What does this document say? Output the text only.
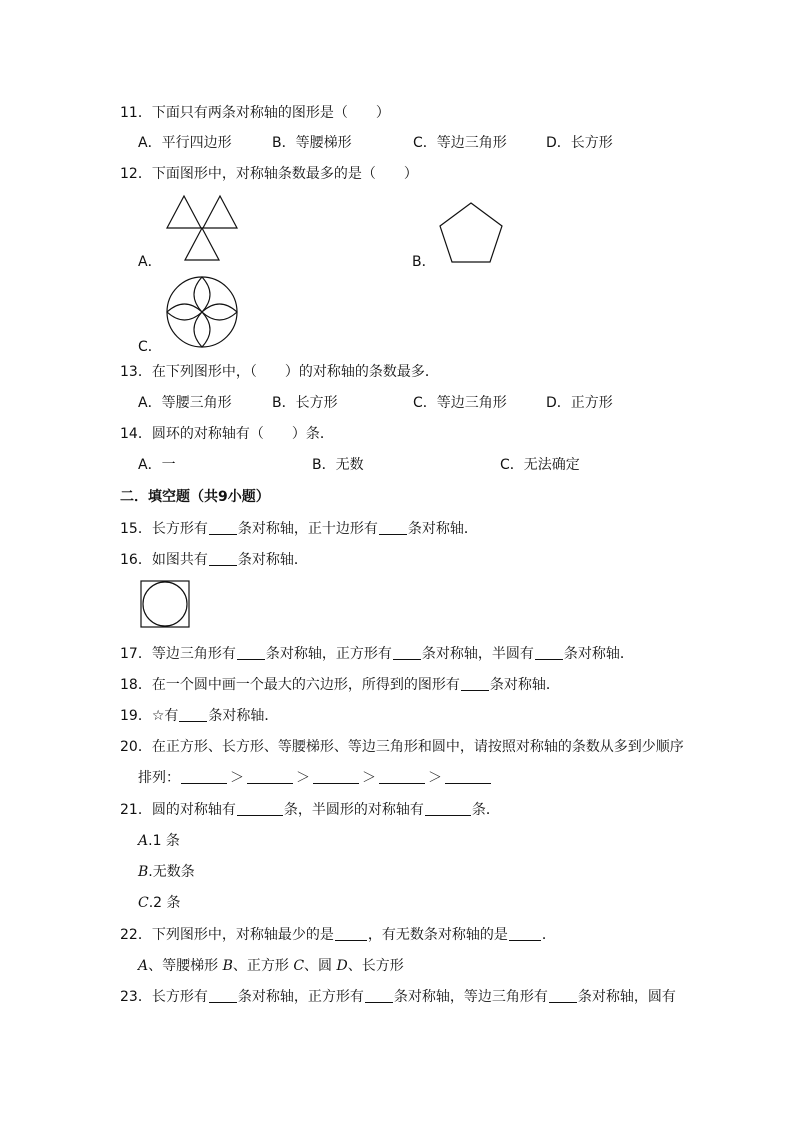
11．下面只有两条对称轴的图形是（　　）
A．平行四边形	B．等腰梯形	C．等边三角形	D．长方形
12．下面图形中，对称轴条数最多的是（　　）
A．	B．
C．
13．在下列图形中，（　　）的对称轴的条数最多．
A．等腰三角形	B．长方形	C．等边三角形	D．正方形
14．圆环的对称轴有（　　）条．
A．一	B．无数	C．无法确定
二．填空题（共9小题）
15．长方形有 条对称轴，正十边形有 条对称轴．
16．如图共有 条对称轴．
17．等边三角形有 条对称轴，正方形有 条对称轴，半圆有 条对称轴．
18．在一个圆中画一个最大的六边形，所得到的图形有 条对称轴．
19．☆有 条对称轴．
20．在正方形、长方形、等腰梯形、等边三角形和圆中，请按照对称轴的条数从多到少顺序
排列：	＞	＞	＞	＞
21．圆的对称轴有	条，半圆形的对称轴有	条．
A.1 条
B.无数条
C.2 条
22．下列图形中，对称轴最少的是 ，有无数条对称轴的是 ．
A、等腰梯形 B、正方形 C、圆 D、长方形
23．长方形有 条对称轴，正方形有 条对称轴，等边三角形有 条对称轴，圆有
